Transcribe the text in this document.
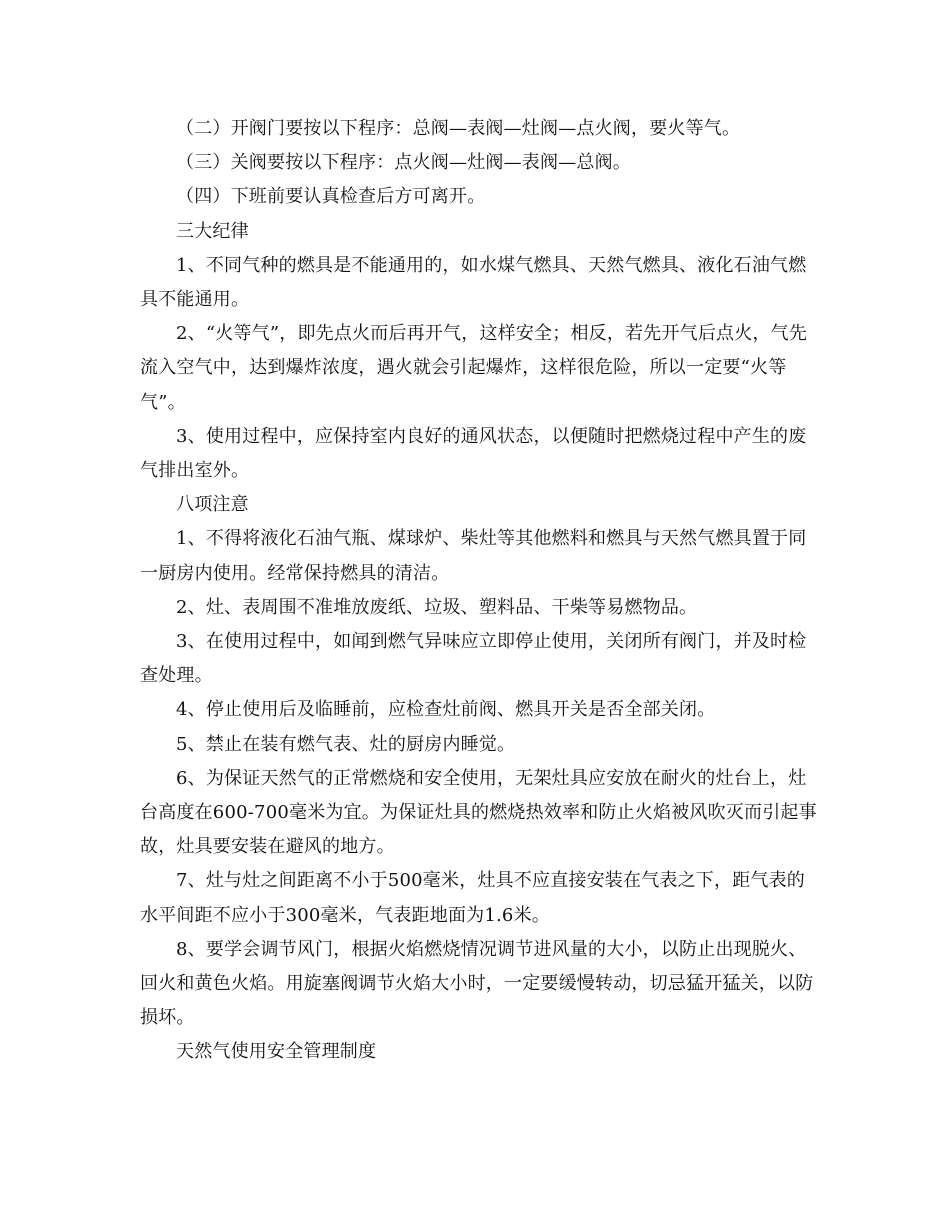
（二）开阀门要按以下程序：总阀—表阀—灶阀—点火阀，要火等气。

（三）关阀要按以下程序：点火阀—灶阀—表阀—总阀。

（四）下班前要认真检查后方可离开。

三大纪律

1、不同气种的燃具是不能通用的，如水煤气燃具、天然气燃具、液化石油气燃具不能通用。

2、“火等气”，即先点火而后再开气，这样安全；相反，若先开气后点火，气先流入空气中，达到爆炸浓度，遇火就会引起爆炸，这样很危险，所以一定要“火等气”。

3、使用过程中，应保持室内良好的通风状态，以便随时把燃烧过程中产生的废气排出室外。

八项注意

1、不得将液化石油气瓶、煤球炉、柴灶等其他燃料和燃具与天然气燃具置于同一厨房内使用。经常保持燃具的清洁。

2、灶、表周围不准堆放废纸、垃圾、塑料品、干柴等易燃物品。

3、在使用过程中，如闻到燃气异味应立即停止使用，关闭所有阀门，并及时检查处理。

4、停止使用后及临睡前，应检查灶前阀、燃具开关是否全部关闭。

5、禁止在装有燃气表、灶的厨房内睡觉。

6、为保证天然气的正常燃烧和安全使用，无架灶具应安放在耐火的灶台上，灶台高度在600-700毫米为宜。为保证灶具的燃烧热效率和防止火焰被风吹灭而引起事故，灶具要安装在避风的地方。

7、灶与灶之间距离不小于500毫米，灶具不应直接安装在气表之下，距气表的水平间距不应小于300毫米，气表距地面为1.6米。

8、要学会调节风门，根据火焰燃烧情况调节进风量的大小，以防止出现脱火、回火和黄色火焰。用旋塞阀调节火焰大小时，一定要缓慢转动，切忌猛开猛关，以防损坏。

天然气使用安全管理制度
